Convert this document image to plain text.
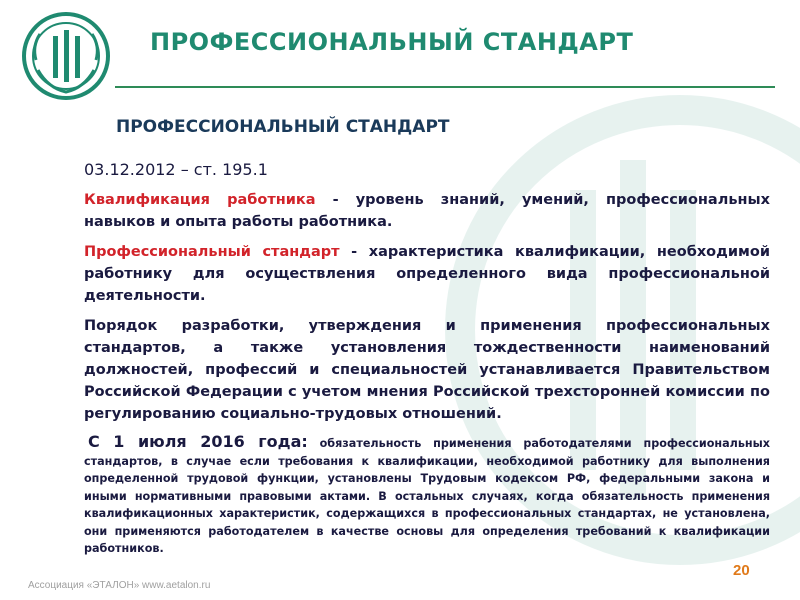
ПРОФЕССИОНАЛЬНЫЙ СТАНДАРТ
ПРОФЕССИОНАЛЬНЫЙ СТАНДАРТ

03.12.2012 – ст. 195.1

Квалификация работника - уровень знаний, умений, профессиональных навыков и опыта работы работника.

Профессиональный стандарт - характеристика квалификации, необходимой работнику для осуществления определенного вида профессиональной деятельности.

Порядок разработки, утверждения и применения профессиональных стандартов, а также установления тождественности наименований должностей, профессий и специальностей устанавливается Правительством Российской Федерации с учетом мнения Российской трехсторонней комиссии по регулированию социально-трудовых отношений.

С 1 июля 2016 года: обязательность применения работодателями профессиональных стандартов, в случае если требования к квалификации, необходимой работнику для выполнения определенной трудовой функции, установлены Трудовым кодексом РФ, федеральными закона и иными нормативными правовыми актами. В остальных случаях, когда обязательность применения квалификационных характеристик, содержащихся в профессиональных стандартах, не установлена, они применяются работодателем в качестве основы для определения требований к квалификации работников.

Ассоциация «ЭТАЛОН» www.aetalon.ru
20
